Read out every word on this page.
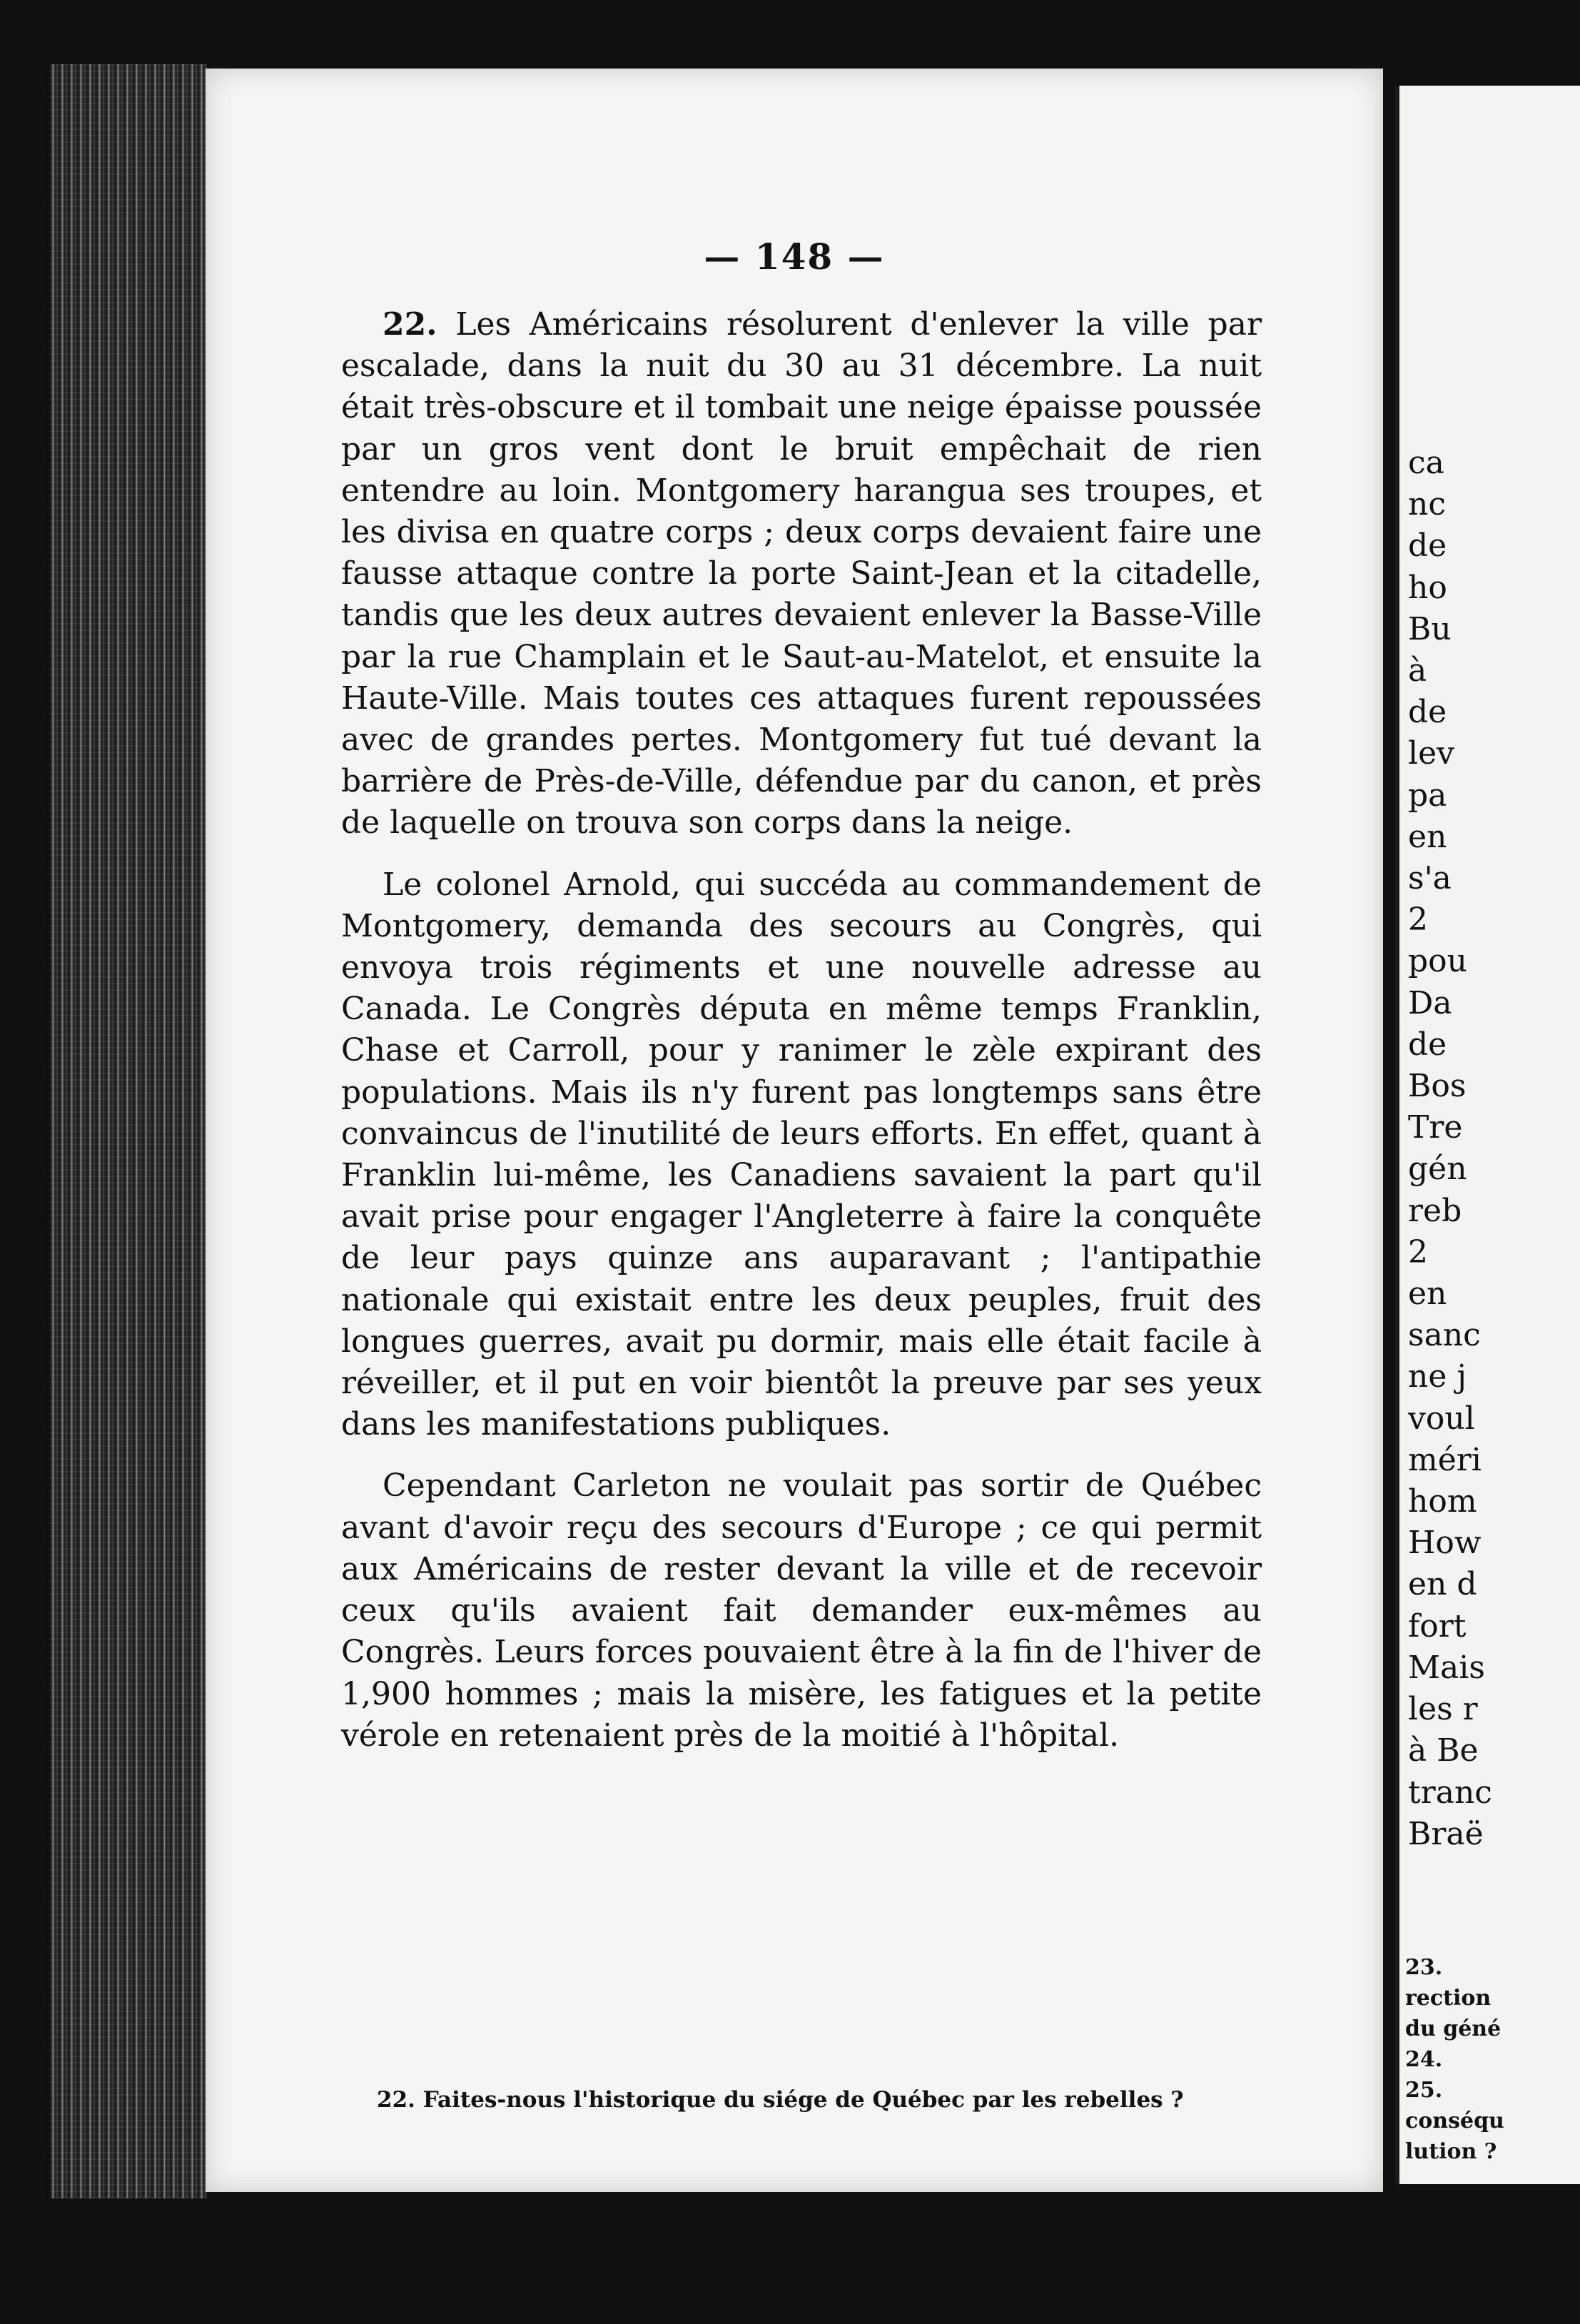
— 148 —

22. Les Américains résolurent d'enlever la ville par escalade, dans la nuit du 30 au 31 décembre. La nuit était très-obscure et il tombait une neige épaisse poussée par un gros vent dont le bruit empêchait de rien entendre au loin. Montgomery harangua ses troupes, et les divisa en quatre corps ; deux corps devaient faire une fausse attaque contre la porte Saint-Jean et la citadelle, tandis que les deux autres devaient enlever la Basse-Ville par la rue Champlain et le Saut-au-Matelot, et ensuite la Haute-Ville. Mais toutes ces attaques furent repoussées avec de grandes pertes. Montgomery fut tué devant la barrière de Près-de-Ville, défendue par du canon, et près de laquelle on trouva son corps dans la neige.

Le colonel Arnold, qui succéda au commandement de Montgomery, demanda des secours au Congrès, qui envoya trois régiments et une nouvelle adresse au Canada. Le Congrès députa en même temps Franklin, Chase et Carroll, pour y ranimer le zèle expirant des populations. Mais ils n'y furent pas longtemps sans être convaincus de l'inutilité de leurs efforts. En effet, quant à Franklin lui-même, les Canadiens savaient la part qu'il avait prise pour engager l'Angleterre à faire la conquête de leur pays quinze ans auparavant ; l'antipathie nationale qui existait entre les deux peuples, fruit des longues guerres, avait pu dormir, mais elle était facile à réveiller, et il put en voir bientôt la preuve par ses yeux dans les manifestations publiques.

Cependant Carleton ne voulait pas sortir de Québec avant d'avoir reçu des secours d'Europe ; ce qui permit aux Américains de rester devant la ville et de recevoir ceux qu'ils avaient fait demander eux-mêmes au Congrès. Leurs forces pouvaient être à la fin de l'hiver de 1,900 hommes ; mais la misère, les fatigues et la petite vérole en retenaient près de la moitié à l'hôpital.

22. Faites-nous l'historique du siége de Québec par les rebelles ?
ca
nc
de
ho
Bu
à
de
lev
pa
en
s'a
2
pou
Da
de
Bos
Tre
gén
reb
2
en
sanc
ne j
voul
méri
hom
How
en d
fort
Mais
les r
à Be
tranc
Braë
23.
rection
du géné
24.
25.
conséqu
lution ?
